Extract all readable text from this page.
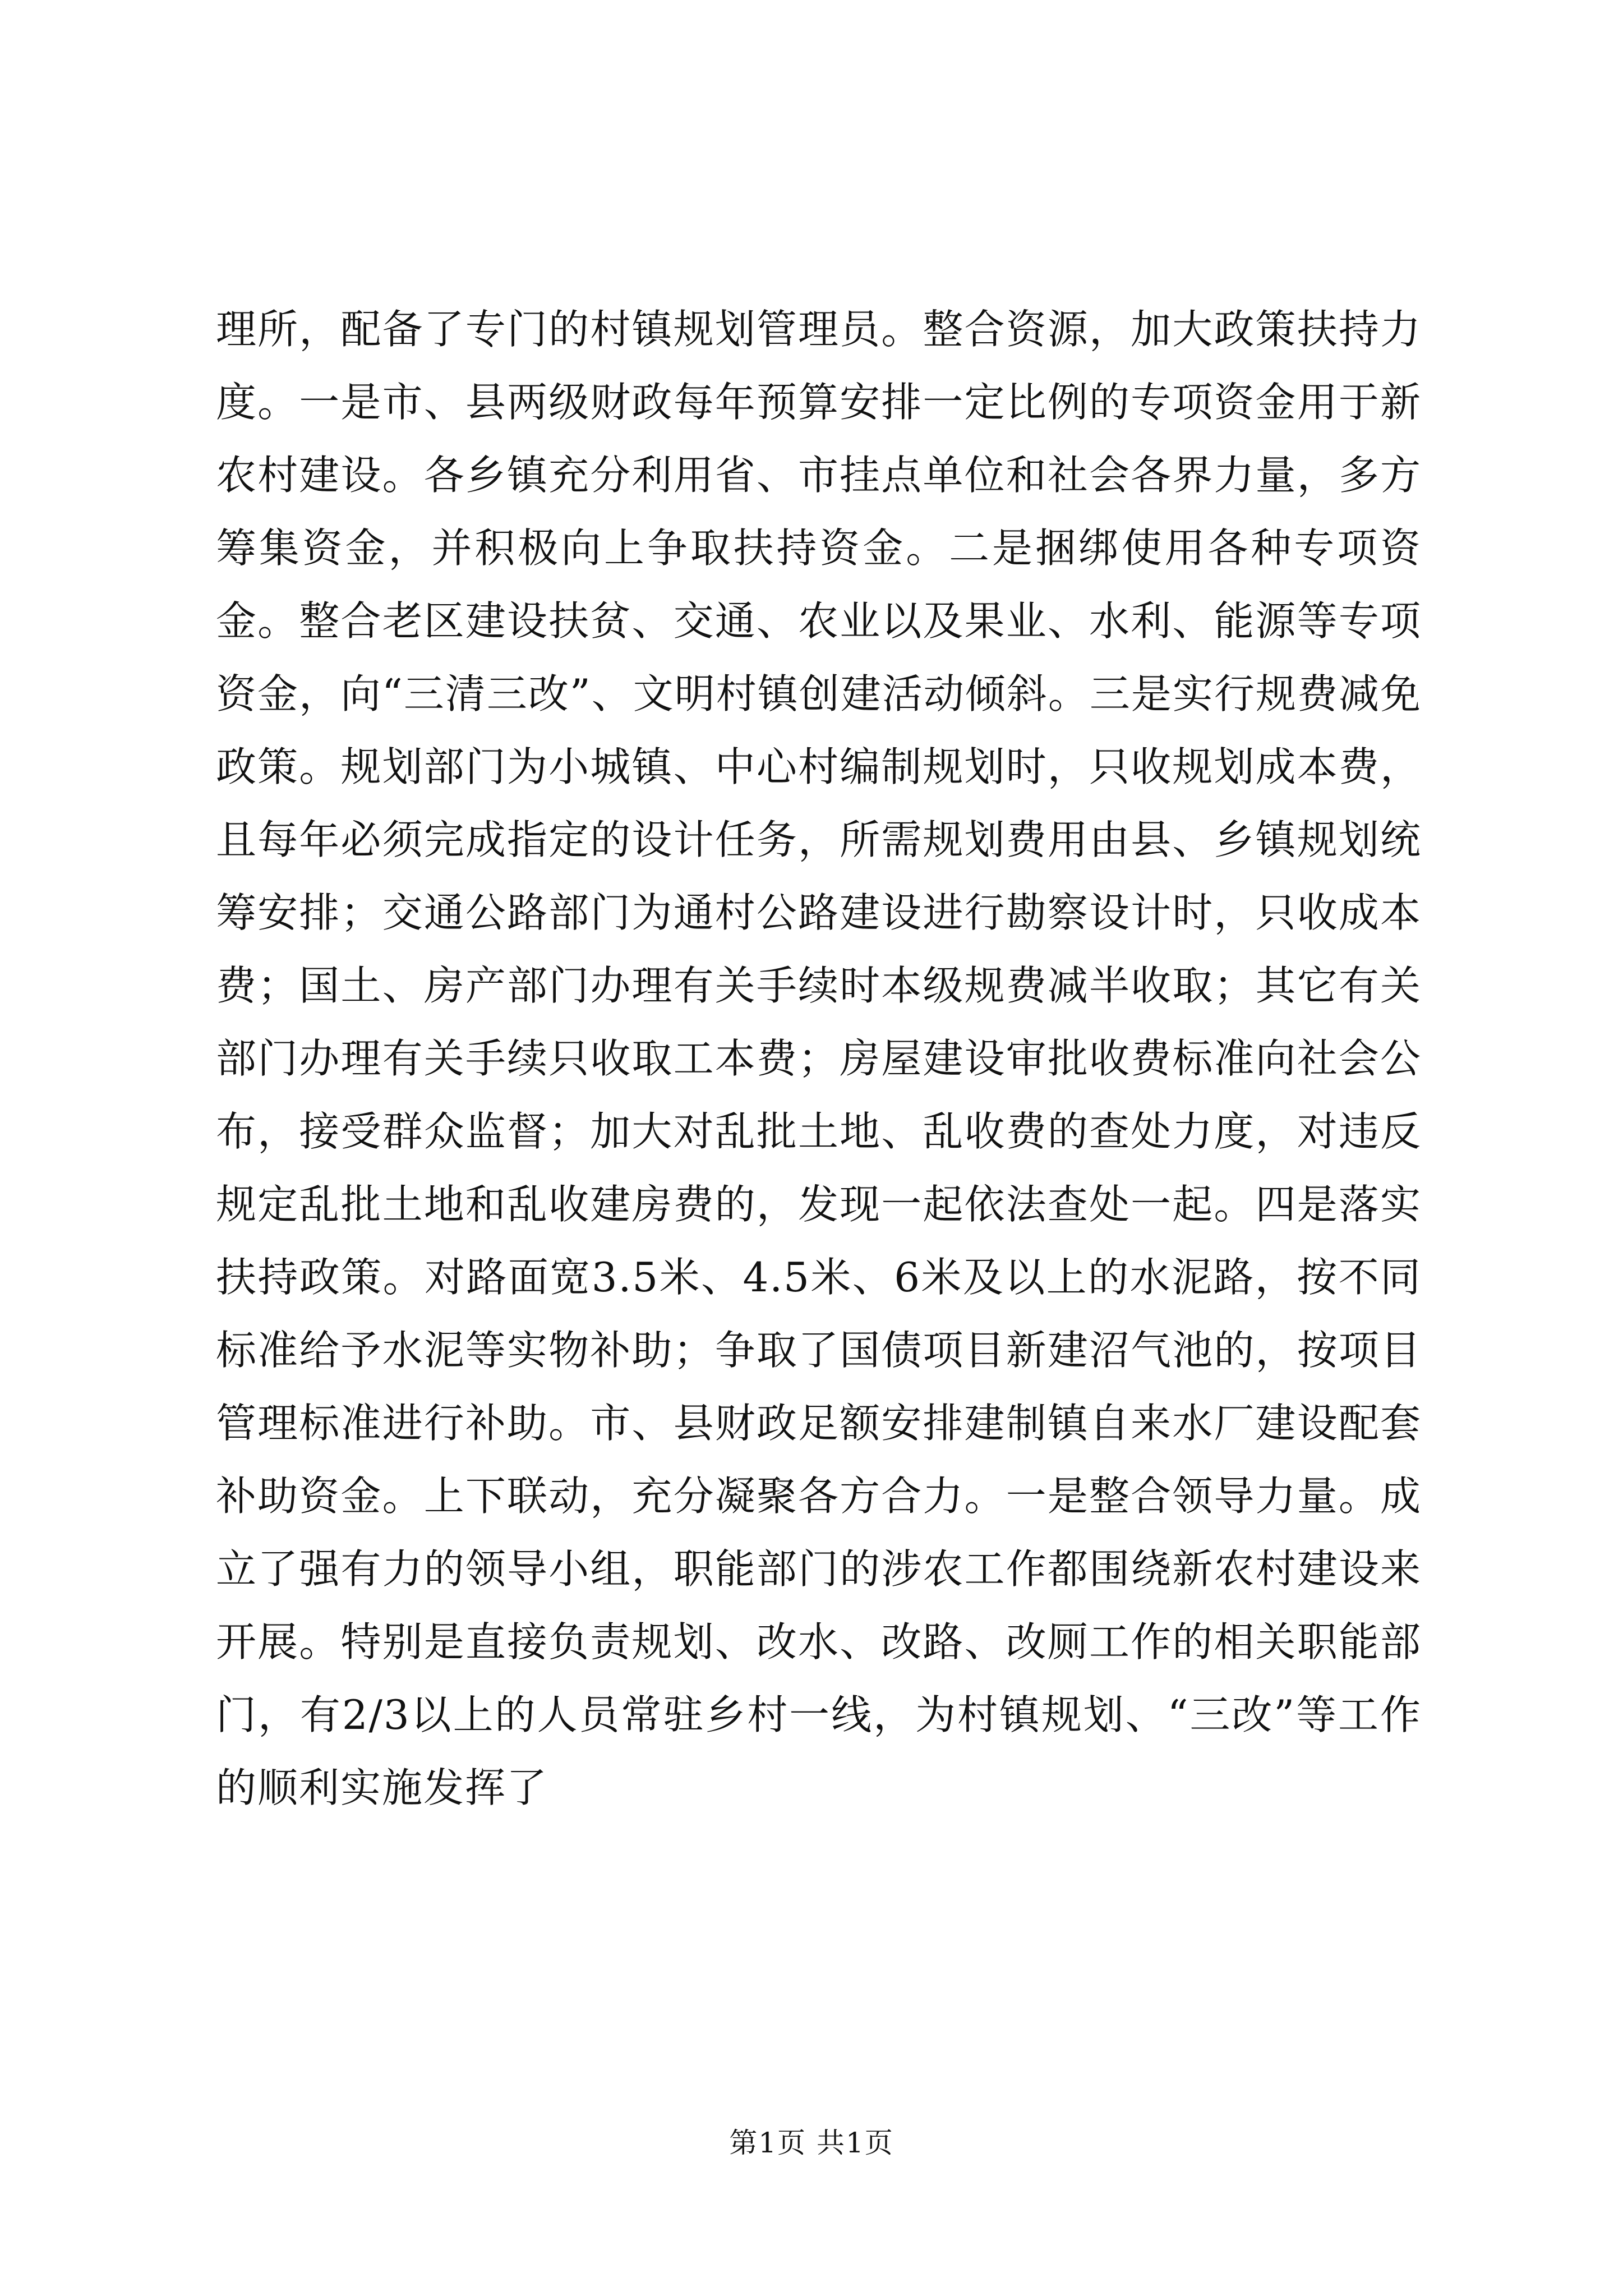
理所，配备了专门的村镇规划管理员。整合资源，加大政策扶持力度。一是市、县两级财政每年预算安排一定比例的专项资金用于新农村建设。各乡镇充分利用省、市挂点单位和社会各界力量，多方筹集资金，并积极向上争取扶持资金。二是捆绑使用各种专项资金。整合老区建设扶贫、交通、农业以及果业、水利、能源等专项资金，向“三清三改”、文明村镇创建活动倾斜。三是实行规费减免政策。规划部门为小城镇、中心村编制规划时，只收规划成本费，且每年必须完成指定的设计任务，所需规划费用由县、乡镇规划统筹安排；交通公路部门为通村公路建设进行勘察设计时，只收成本费；国土、房产部门办理有关手续时本级规费减半收取；其它有关部门办理有关手续只收取工本费；房屋建设审批收费标准向社会公布，接受群众监督；加大对乱批土地、乱收费的查处力度，对违反规定乱批土地和乱收建房费的，发现一起依法查处一起。四是落实扶持政策。对路面宽3.5米、4.5米、6米及以上的水泥路，按不同标准给予水泥等实物补助；争取了国债项目新建沼气池的，按项目管理标准进行补助。市、县财政足额安排建制镇自来水厂建设配套补助资金。上下联动，充分凝聚各方合力。一是整合领导力量。成立了强有力的领导小组，职能部门的涉农工作都围绕新农村建设来开展。特别是直接负责规划、改水、改路、改厕工作的相关职能部门，有2/3以上的人员常驻乡村一线，为村镇规划、“三改”等工作的顺利实施发挥了

第1页 共1页
